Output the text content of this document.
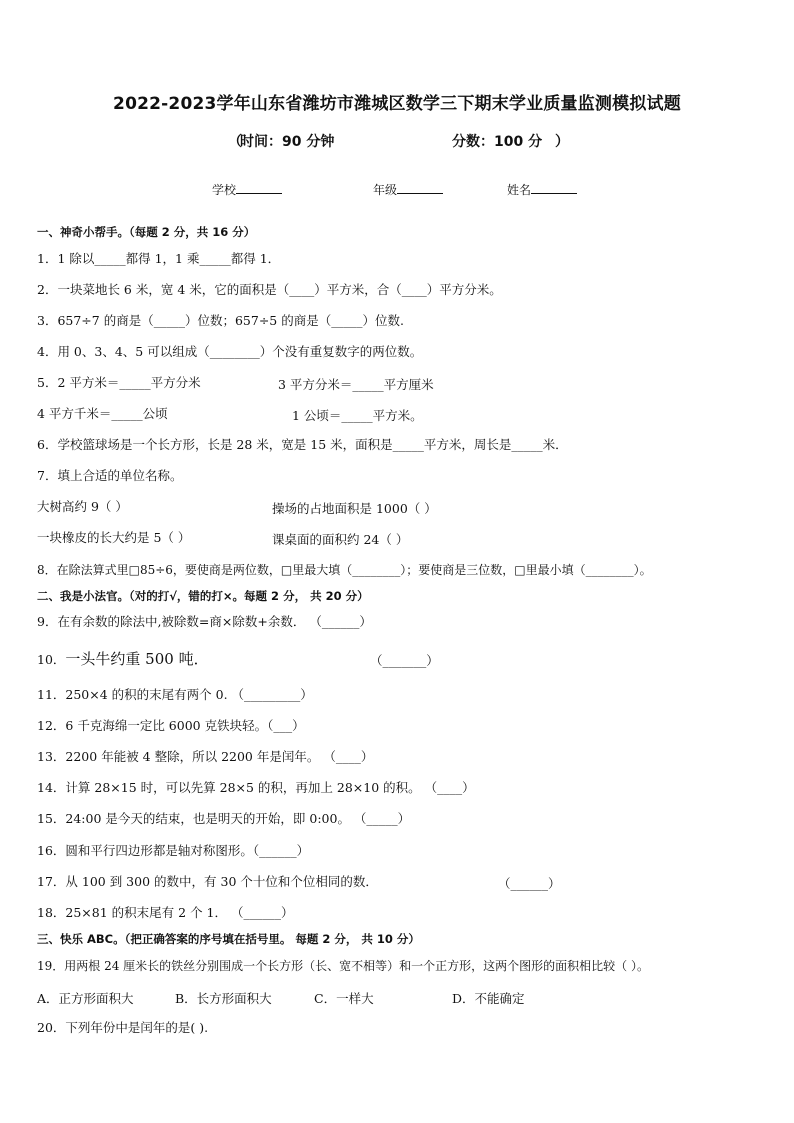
2022-2023学年山东省潍坊市潍城区数学三下期末学业质量监测模拟试题
（
时间：90 分钟	分数：100 分 ）
学校	年级	姓名
一、神奇小帮手。（每题 2 分，共 16 分）
1．1 除以_____都得 1，1 乘_____都得 1．
2．一块菜地长 6 米，宽 4 米，它的面积是（____）平方米，合（____）平方分米。
3．657÷7 的商是（_____）位数；657÷5 的商是（_____）位数.
4．用 0、3、4、5 可以组成（________）个没有重复数字的两位数。
5．2 平方米＝_____平方分米	3 平方分米＝_____平方厘米
4 平方千米＝_____公顷	1 公顷＝_____平方米。
6．学校篮球场是一个长方形，长是 28 米，宽是 15 米，面积是_____平方米，周长是_____米．
7．填上合适的单位名称。
大树高约 9（ ）	操场的占地面积是 1000（ ）
一块橡皮的长大约是 5（ ）	课桌面的面积约 24（ ）
8．在除法算式里□85÷6，要使商是两位数，□里最大填（________）；要使商是三位数，□里最小填（________）。
二、我是小法官。（对的打√，错的打×。每题 2 分， 共 20 分）
9．在有余数的除法中,被除数=商×除数+余数． （______）
10．一头牛约重 500 吨．	（_______）
11．250×4 的积的末尾有两个 0. （_________）
12．6 千克海绵一定比 6000 克铁块轻。（___）
13．2200 年能被 4 整除，所以 2200 年是闰年。 （____）
14．计算 28×15 时，可以先算 28×5 的积，再加上 28×10 的积。 （____）
15．24:00 是今天的结束，也是明天的开始，即 0:00。 （_____）
16．圆和平行四边形都是轴对称图形。（______）
17．从 100 到 300 的数中，有 30 个十位和个位相同的数．	（______）
18．25×81 的积末尾有 2 个 1． （______）
三、快乐 ABC。（把正确答案的序号填在括号里。 每题 2 分， 共 10 分）
19．用两根 24 厘米长的铁丝分别围成一个长方形（长、宽不相等）和一个正方形，这两个图形的面积相比较（ ）。
A．正方形面积大	B．长方形面积大	C．一样大	D．不能确定
20．下列年份中是闰年的是( ).
